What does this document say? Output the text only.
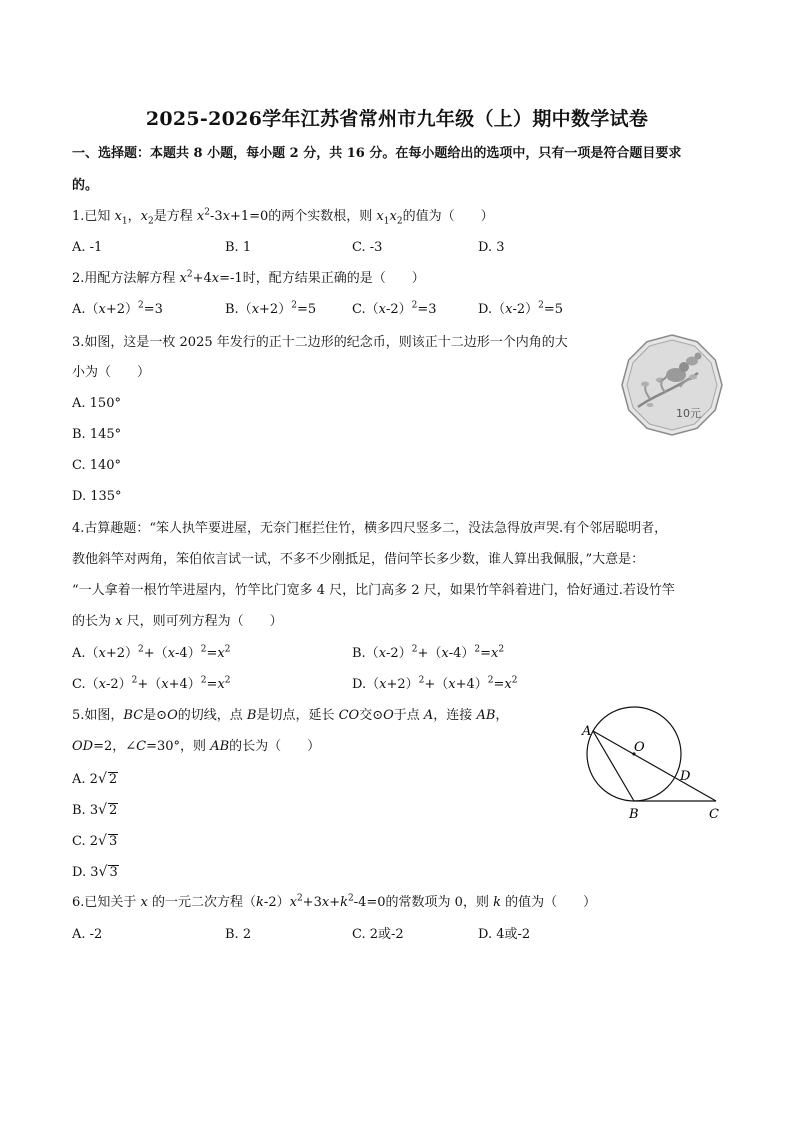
2025-2026学年江苏省常州市九年级（上）期中数学试卷
一、选择题：本题共 8 小题，每小题 2 分，共 16 分。在每小题给出的选项中，只有一项是符合题目要求
的。
1.已知 $x_1$，$x_2$是方程 $x^2-3x+1=0$的两个实数根，则 $x_1x_2$的值为（　　）
A. -1	B. 1	C. -3	D. 3
2.用配方法解方程 $x^2+4x=-1$时，配方结果正确的是（　　）
$A.(x+2)^2=3$	$B.(x+2)^2=5$	$C.(x-2)^2=3$	$D.(x-2)^2=5$
3.如图，这是一枚 2025 年发行的正十二边形的纪念币，则该正十二边形一个内角的大
小为（　　）
A. 150°
B. 145°
C. 140°
D. 135°
10元
4.古算趣题：“笨人执竿要进屋，无奈门框拦住竹，横多四尺竖多二，没法急得放声哭.有个邻居聪明者，
教他斜竿对两角，笨伯依言试一试，不多不少刚抵足，借问竿长多少数，谁人算出我佩服，”大意是：
“一人拿着一根竹竿进屋内，竹竿比门宽多 4 尺，比门高多 2 尺，如果竹竿斜着进门，恰好通过.若设竹竿
的长为 x 尺，则可列方程为（　　）
$A.(x+2)^2+(x-4)^2=x^2$	$B.(x-2)^2+(x-4)^2=x^2$
$C.(x-2)^2+(x+4)^2=x^2$	$D.(x+2)^2+(x+4)^2=x^2$
5.如图，BC是⊙O的切线，点 B是切点，延长 CO交⊙O于点 A，连接 AB，
OD=2，∠C=30°，则 AB的长为（　　）
A. 2√ 2
B. 3√ 2
C. 2√ 3
D. 3√ 3
A
O
D
B	C
6.已知关于 x 的一元二次方程$(k-2)x^2+3x+k^2-4=0$的常数项为 0，则 k 的值为（　　）
A. -2	B. 2	C. 2或-2	D. 4或-2
